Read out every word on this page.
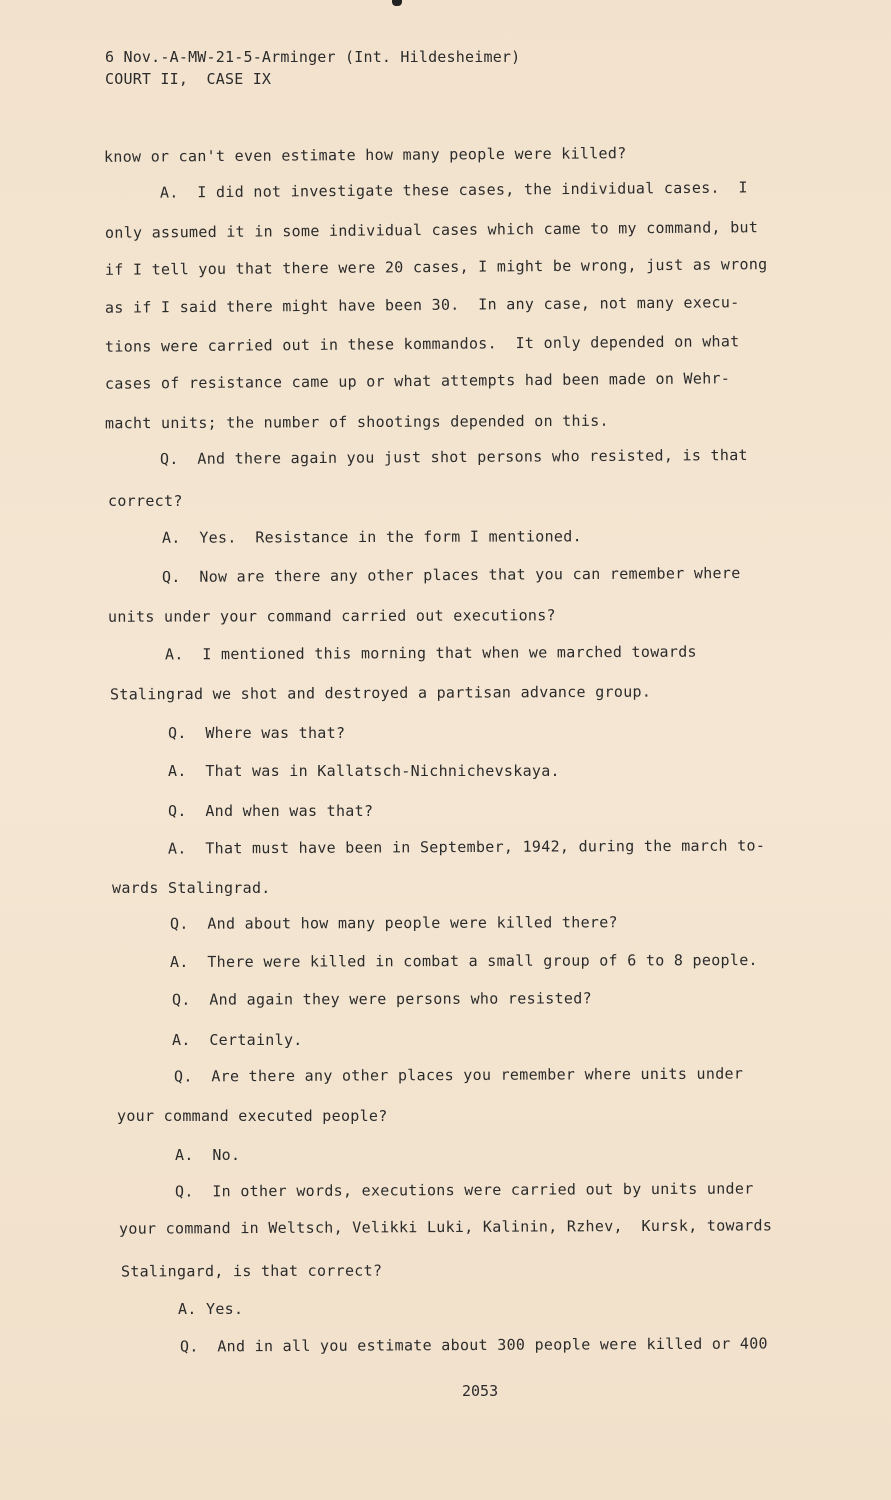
6 Nov.-A-MW-21-5-Arminger (Int. Hildesheimer)
COURT II,  CASE IX
know or can't even estimate how many people were killed?
A.  I did not investigate these cases, the individual cases.  I
only assumed it in some individual cases which came to my command, but
if I tell you that there were 20 cases, I might be wrong, just as wrong
as if I said there might have been 30.  In any case, not many execu-
tions were carried out in these kommandos.  It only depended on what
cases of resistance came up or what attempts had been made on Wehr-
macht units; the number of shootings depended on this.
Q.  And there again you just shot persons who resisted, is that
correct?
A.  Yes.  Resistance in the form I mentioned.
Q.  Now are there any other places that you can remember where
units under your command carried out executions?
A.  I mentioned this morning that when we marched towards
Stalingrad we shot and destroyed a partisan advance group.
Q.  Where was that?
A.  That was in Kallatsch-Nichnichevskaya.
Q.  And when was that?
A.  That must have been in September, 1942, during the march to-
wards Stalingrad.
Q.  And about how many people were killed there?
A.  There were killed in combat a small group of 6 to 8 people.
Q.  And again they were persons who resisted?
A.  Certainly.
Q.  Are there any other places you remember where units under
your command executed people?
A.  No.
Q.  In other words, executions were carried out by units under
your command in Weltsch, Velikki Luki, Kalinin, Rzhev,  Kursk, towards
Stalingard, is that correct?
A. Yes.
Q.  And in all you estimate about 300 people were killed or 400
2053
